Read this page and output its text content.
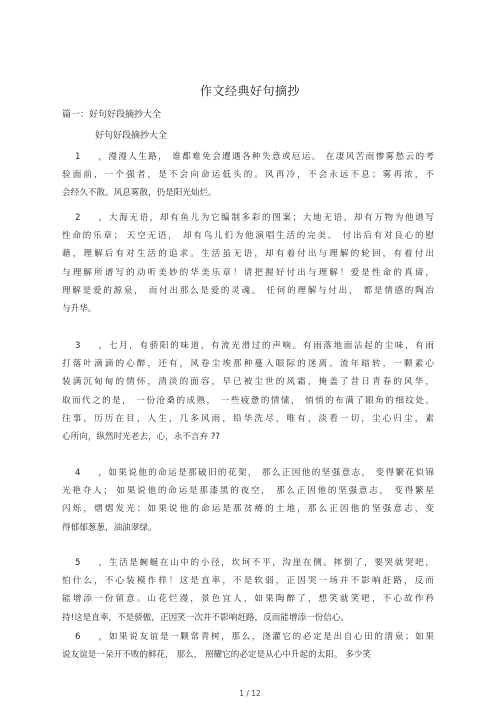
作文经典好句摘抄
篇一：好句好段摘抄大全
好句好段摘抄大全
1 ，漫漫人生路， 谁都难免会遭遇各种失意或厄运。 在凄风苦雨惨雾愁云的考
验面前，一个强者，是不会向命运低头的。风再冷，不会永远不息；雾再浓，不
会经久不散。风息雾散，仍是阳光灿烂。
2 ，大海无语，却有鱼儿为它编制多彩的图案；大地无语，却有万物为他谱写
性命的乐章； 天空无语， 却有鸟儿们为他演唱生活的完美。 付出后有对良心的慰
藉，理解后有对生活的追求。生活虽无语，却有着付出与理解的轮回，有着付出
与理解所谱写的动听美妙的华美乐章！请把握好付出与理解！爱是性命的真谛，
理解是爱的源泉， 而付出那么是爱的灵魂。 任何的理解与付出， 都是情感的陶冶
与升华。
3 ，七月，有骄阳的味道，有流光滑过的声响。有雨落地面沾起的尘味，有雨
打落叶滴滴的心醉，还有，风卷尘埃那种蔓入眼际的迷离。流年暗转，一颗素心
装满沉甸甸的情怀，清淡的面容，早已被尘世的风霜，掩盖了昔日青春的风华，
取而代之的是， 一份沧桑的成熟， 一些疲惫的情愫， 悄悄的布满了眼角的细纹处。
往事，历历在目，人生，几多风雨，铅华洗尽，唯有，淡看一切，尘心归尘，素
心所向，纵然时光老去，心，永不言弃 ??
4 ，如果说他的命运是那破旧的花架， 那么正因他的坚强意志， 变得繁花似锦
光艳夺人； 如果说他的命运是那漆黑的夜空， 那么正因他的坚强意志， 变得繁星
闪烁，熠熠发光；如果说他的命运是那贫瘠的土地，那么正因他的坚强意志，变
得郁郁葱葱，油油翠绿。
5 ，生活是蜿蜒在山中的小径，坎坷不平，沟崖在侧。摔倒了，要哭就哭吧，
怕什么，不心装模作样！这是直率，不是软弱，正因哭一场并不影响赶路，反而
能增添一份留意。山花烂漫，景色宜人，如果陶醉了，想笑就笑吧，不心故作矜
持!这是直率，不是骄傲，正因笑一次并不影响赶路，反而能增添一份信心。
6 ，如果说友谊是一颗常青树，那么，浇灌它的必定是出自心田的清泉；如果
说友谊是一朵开不败的鲜花， 那么， 照耀它的必定是从心中升起的太阳。 多少笑
1 / 12
